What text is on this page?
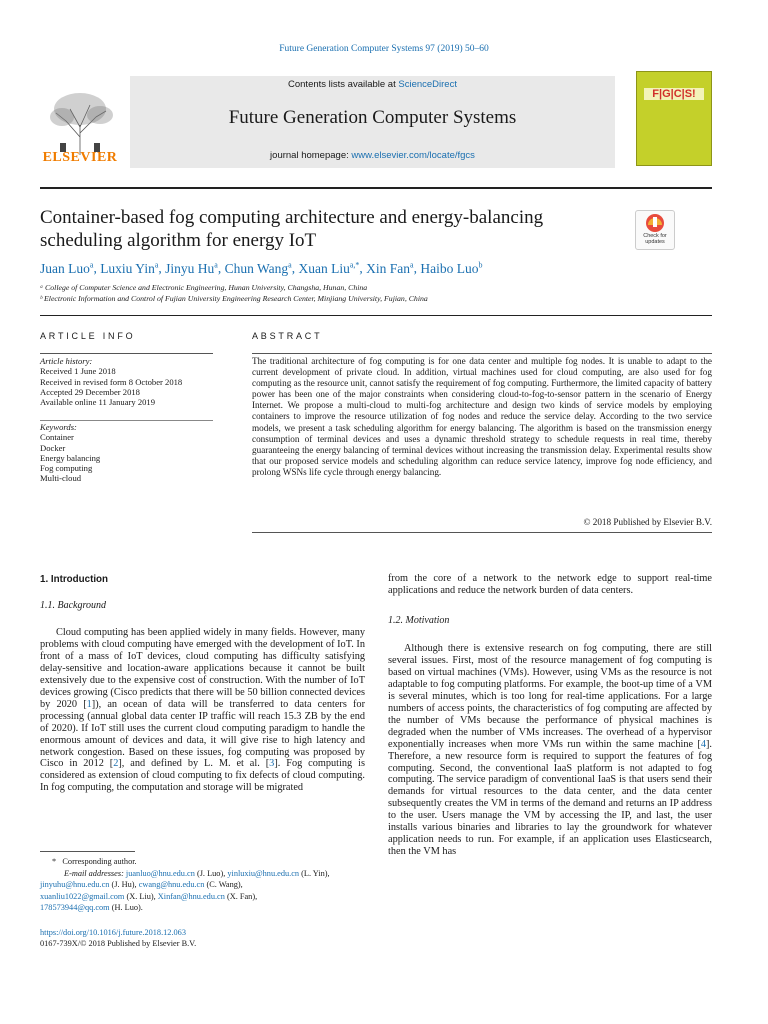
Future Generation Computer Systems 97 (2019) 50–60
Contents lists available at ScienceDirect
Future Generation Computer Systems
journal homepage: www.elsevier.com/locate/fgcs
ELSEVIER
F|G|C|S!
Container-based fog computing architecture and energy-balancing
scheduling algorithm for energy IoT	Check for updates
Juan Luo$^a$, Luxiu Yin$^a$, Jinyu Hu$^a$, Chun Wang$^a$, Xuan Liu$^{a,*}$, Xin Fan$^a$, Haibo Luo$^b$
ᵃ College of Computer Science and Electronic Engineering, Hunan University, Changsha, Hunan, China
ᵇ Electronic Information and Control of Fujian University Engineering Research Center, Minjiang University, Fujian, China
ARTICLE INFO	ABSTRACT
Article history:
Received 1 June 2018
Received in revised form 8 October 2018
Accepted 29 December 2018
Available online 11 January 2019
Keywords:
Container
Docker
Energy balancing
Fog computing
Multi-cloud
The traditional architecture of fog computing is for one data center and multiple fog nodes. It is unable to adapt to the current development of private cloud. In addition, virtual machines used for cloud computing, are also used for fog computing as the resource unit, cannot satisfy the requirement of fog computing. Furthermore, the limited capacity of battery power has been one of the major constraints when considering cloud-to-fog-to-sensor pattern in the scenario of Energy Internet. We propose a multi-cloud to multi-fog architecture and design two kinds of service models by employing containers to improve the resource utilization of fog nodes and reduce the service delay. According to the two service models, we present a task scheduling algorithm for energy balancing. The algorithm is based on the transmission energy consumption of terminal devices and uses a dynamic threshold strategy to schedule requests in real time, thereby guaranteeing the energy balancing of terminal devices without increasing the transmission delay. Experimental results show that our proposed service models and scheduling algorithm can reduce service latency, improve fog node efficiency, and prolong WSNs life cycle through energy balancing.
© 2018 Published by Elsevier B.V.
1. Introduction
1.1. Background

Cloud computing has been applied widely in many fields. However, many problems with cloud computing have emerged with the development of IoT. In front of a mass of IoT devices, cloud computing has difficulty satisfying delay-sensitive and location-aware applications because it cannot be built extensively due to the expensive cost of construction. With the number of IoT devices growing (Cisco predicts that there will be 50 billion connected devices by 2020 [1]), an ocean of data will be transferred to data centers for processing (annual global data center IP traffic will reach 15.3 ZB by the end of 2020). If IoT still uses the current cloud computing paradigm to handle the enormous amount of devices and data, it will give rise to high latency and network congestion. Based on these issues, fog computing was proposed by Cisco in 2012 [2], and defined by L. M. et al. [3]. Fog computing is considered as extension of cloud computing to fix defects of cloud computing. In fog computing, the computation and storage will be migrated

from the core of a network to the network edge to support real-time applications and reduce the network burden of data centers.

1.2. Motivation

Although there is extensive research on fog computing, there are still several issues. First, most of the resource management of fog computing is based on virtual machines (VMs). However, using VMs as the resource is not adaptable to fog computing platforms. For example, the boot-up time of a VM is several minutes, which is too long for real-time applications. For a large numbers of access points, the characteristics of fog computing are affected by the number of VMs because the performance of physical machines is degraded when the number of VMs increases. The overhead of a hypervisor exponentially increases when more VMs run within the same machine [4]. Therefore, a new resource form is required to support the features of fog computing. Second, the conventional IaaS platform is not adapted to fog computing. The service paradigm of conventional IaaS is that users send their demands for virtual resources to the data center, and the data center subsequently creates the VM in terms of the demand and returns an IP address to the user. Users manage the VM by accessing the IP, and last, the user installs various binaries and libraries to lay the groundwork for whatever application needs to run. For example, if an application uses Elasticsearch, then the VM has

* Corresponding author.
E-mail addresses: juanluo@hnu.edu.cn (J. Luo), yinluxiu@hnu.edu.cn (L. Yin),
jinyuhu@hnu.edu.cn (J. Hu), cwang@hnu.edu.cn (C. Wang),
xuanliu1022@gmail.com (X. Liu), Xinfan@hnu.edu.cn (X. Fan),
178573944@qq.com (H. Luo).
https://doi.org/10.1016/j.future.2018.12.063
0167-739X/© 2018 Published by Elsevier B.V.
